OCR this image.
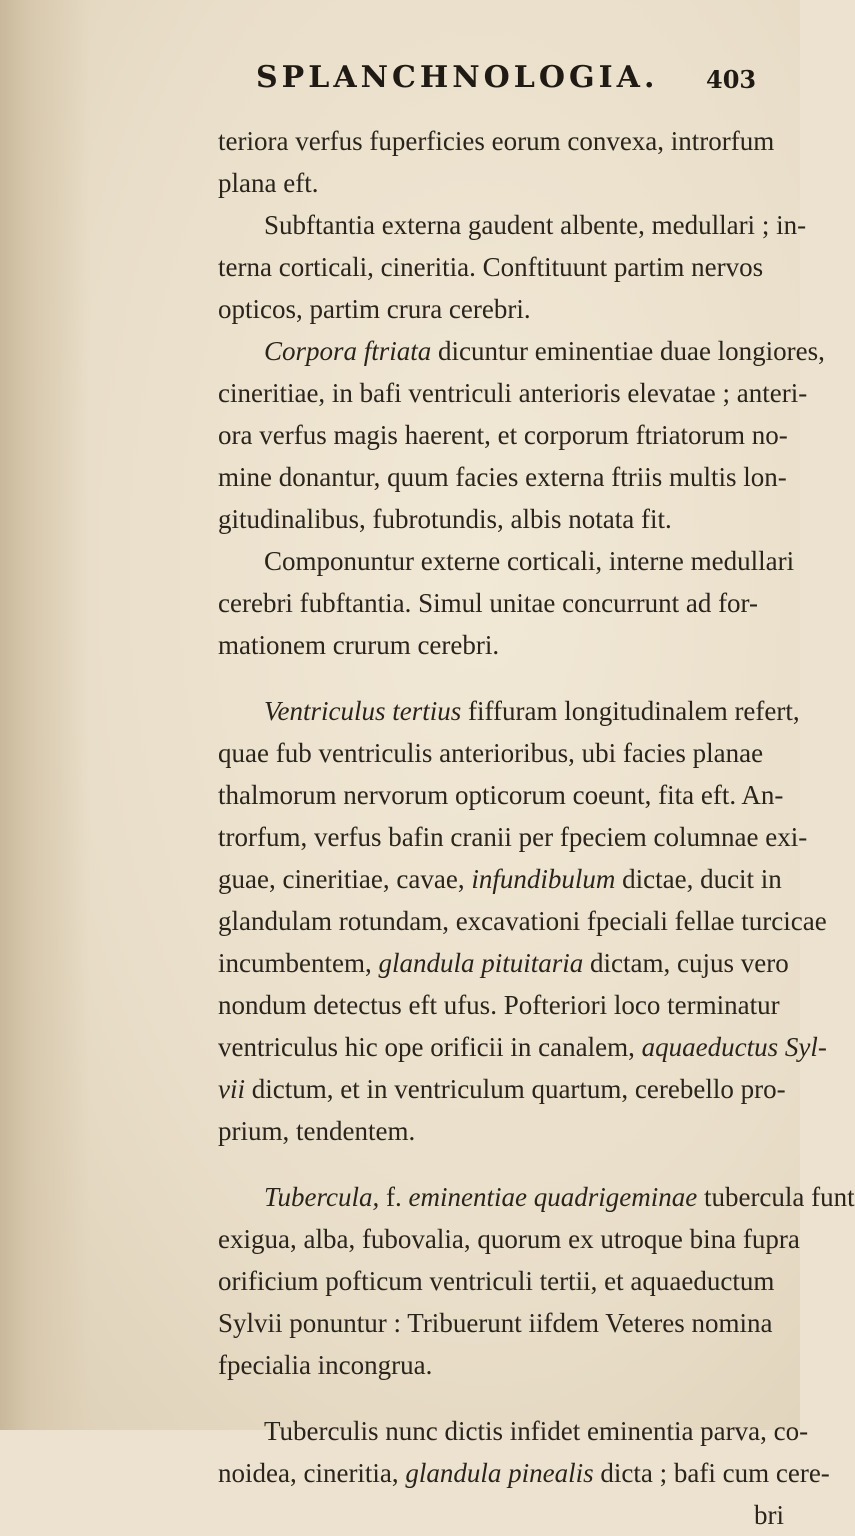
SPLANCHNOLOGIA. 403
teriora verfus fuperficies eorum convexa, introrfum
plana eft.
Subftantia externa gaudent albente, medullari ; in-
terna corticali, cineritia. Conftituunt partim nervos
opticos, partim crura cerebri.
Corpora ftriata dicuntur eminentiae duae longiores,
cineritiae, in bafi ventriculi anterioris elevatae ; anteri-
ora verfus magis haerent, et corporum ftriatorum no-
mine donantur, quum facies externa ftriis multis lon-
gitudinalibus, fubrotundis, albis notata fit.
Componuntur externe corticali, interne medullari
cerebri fubftantia. Simul unitae concurrunt ad for-
mationem crurum cerebri.
Ventriculus tertius fiffuram longitudinalem refert,
quae fub ventriculis anterioribus, ubi facies planae
thalmorum nervorum opticorum coeunt, fita eft. An-
trorfum, verfus bafin cranii per fpeciem columnae exi-
guae, cineritiae, cavae, infundibulum dictae, ducit in
glandulam rotundam, excavationi fpeciali fellae turcicae
incumbentem, glandula pituitaria dictam, cujus vero
nondum detectus eft ufus. Pofteriori loco terminatur
ventriculus hic ope orificii in canalem, aquaeductus Syl-
vii dictum, et in ventriculum quartum, cerebello pro-
prium, tendentem.
Tubercula, f. eminentiae quadrigeminae tubercula funt
exigua, alba, fubovalia, quorum ex utroque bina fupra
orificium pofticum ventriculi tertii, et aquaeductum
Sylvii ponuntur : Tribuerunt iifdem Veteres nomina
fpecialia incongrua.
Tuberculis nunc dictis infidet eminentia parva, co-
noidea, cineritia, glandula pinealis dicta ; bafi cum cere-
bri
